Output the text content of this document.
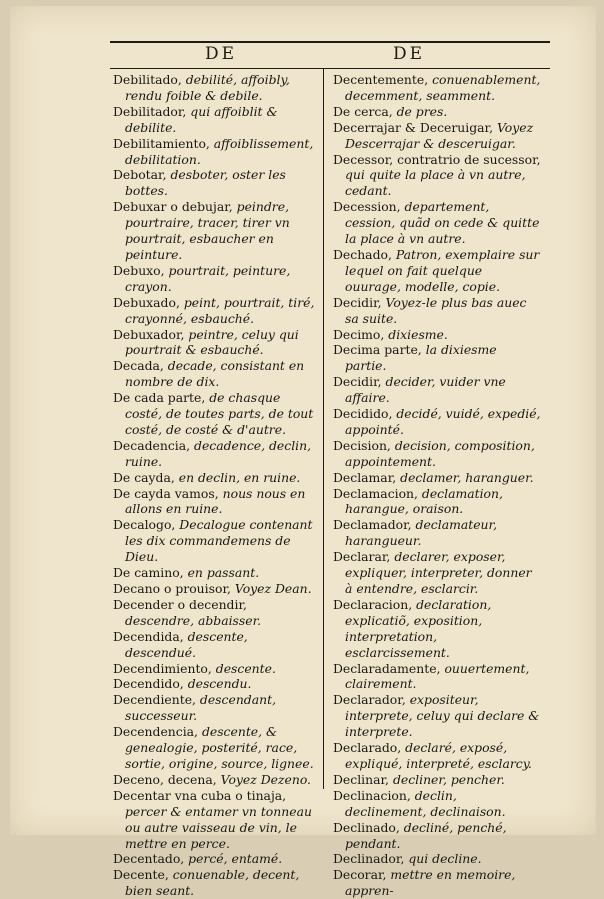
DE	DE

Debilitado, debilité, affoibly, rendu foible & debile.

Debilitador, qui affoiblit & debilite.

Debilitamiento, affoiblissement, debilitation.

Debotar, desboter, oster les bottes.

Debuxar o debujar, peindre, pourtraire, tracer, tirer vn pourtrait, esbaucher en peinture.

Debuxo, pourtrait, peinture, crayon.

Debuxado, peint, pourtrait, tiré, crayonné, esbauché.

Debuxador, peintre, celuy qui pourtrait & esbauché.

Decada, decade, consistant en nombre de dix.

De cada parte, de chasque costé, de toutes parts, de tout costé, de costé & d'autre.

Decadencia, decadence, declin, ruine.

De cayda, en declin, en ruine.

De cayda vamos, nous nous en allons en ruine.

Decalogo, Decalogue contenant les dix commandemens de Dieu.

De camino, en passant.

Decano o prouisor, Voyez Dean.

Decender o decendir, descendre, abbaisser.

Decendida, descente, descendué.

Decendimiento, descente.

Decendido, descendu.

Decendiente, descendant, successeur.

Decendencia, descente, & genealogie, posterité, race, sortie, origine, source, lignee.

Deceno, decena, Voyez Dezeno.

Decentar vna cuba o tinaja, percer & entamer vn tonneau ou autre vaisseau de vin, le mettre en perce.

Decentado, percé, entamé.

Decente, conuenable, decent, bien seant.

Decentemente, conuenablement, decemment, seamment.

De cerca, de pres.

Decerrajar & Deceruigar, Voyez Descerrajar & descеruigar.

Decessor, contratrio de sucessor, qui quite la place à vn autre, cedant.

Decession, departement, cession, quãd on cede & quitte la place à vn autre.

Dechado, Patron, exemplaire sur lequel on fait quelque ouurage, modelle, copie.

Decidir, Voyez-le plus bas auec sa suite.

Decimo, dixiesme.

Decima parte, la dixiesme partie.

Decidir, decider, vuider vne affaire.

Decidido, decidé, vuidé, expedié, appointé.

Decision, decision, composition, appointement.

Declamar, declamer, haranguer.

Declamacion, declamation, harangue, oraison.

Declamador, declamateur, harangueur.

Declarar, declarer, exposer, expliquer, interpreter, donner à entendre, esclarcir.

Declaracion, declaration, explicatiõ, exposition, interpretation, esclarcissement.

Declaradamente, ouuertement, clairement.

Declarador, expositeur, interprete, celuy qui declare & interprete.

Declarado, declaré, exposé, expliqué, interpreté, esclarcy.

Declinar, decliner, pencher.

Declinacion, declin, declinement, declinaison.

Declinado, decliné, penché, pendant.

Declinador, qui decline.

Decorar, mettre en memoire, appren-
